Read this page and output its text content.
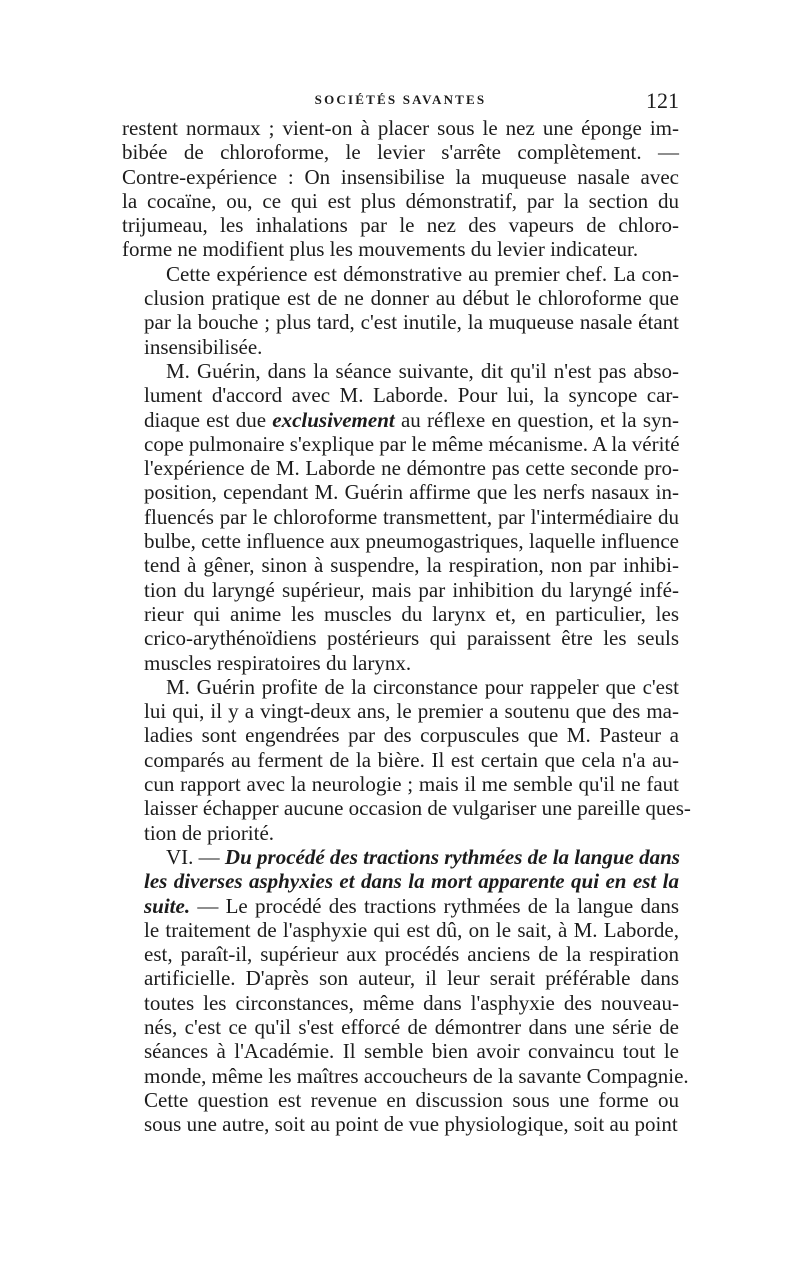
SOCIÉTÉS SAVANTES	121

restent normaux ; vient-on à placer sous le nez une éponge im-
bibée de chloroforme, le levier s'arrête complètement. —
Contre-expérience : On insensibilise la muqueuse nasale avec
la cocaïne, ou, ce qui est plus démonstratif, par la section du
trijumeau, les inhalations par le nez des vapeurs de chloro-
forme ne modifient plus les mouvements du levier indicateur.

Cette expérience est démonstrative au premier chef. La con-
clusion pratique est de ne donner au début le chloroforme que
par la bouche ; plus tard, c'est inutile, la muqueuse nasale étant
insensibilisée.

M. Guérin, dans la séance suivante, dit qu'il n'est pas abso-
lument d'accord avec M. Laborde. Pour lui, la syncope car-
diaque est due exclusivement au réflexe en question, et la syn-
cope pulmonaire s'explique par le même mécanisme. A la vérité
l'expérience de M. Laborde ne démontre pas cette seconde pro-
position, cependant M. Guérin affirme que les nerfs nasaux in-
fluencés par le chloroforme transmettent, par l'intermédiaire du
bulbe, cette influence aux pneumogastriques, laquelle influence
tend à gêner, sinon à suspendre, la respiration, non par inhibi-
tion du laryngé supérieur, mais par inhibition du laryngé infé-
rieur qui anime les muscles du larynx et, en particulier, les
crico-arythénoïdiens postérieurs qui paraissent être les seuls
muscles respiratoires du larynx.

M. Guérin profite de la circonstance pour rappeler que c'est
lui qui, il y a vingt-deux ans, le premier a soutenu que des ma-
ladies sont engendrées par des corpuscules que M. Pasteur a
comparés au ferment de la bière. Il est certain que cela n'a au-
cun rapport avec la neurologie ; mais il me semble qu'il ne faut
laisser échapper aucune occasion de vulgariser une pareille ques-
tion de priorité.

VI. — Du procédé des tractions rythmées de la langue dans
les diverses asphyxies et dans la mort apparente qui en est la
suite. — Le procédé des tractions rythmées de la langue dans
le traitement de l'asphyxie qui est dû, on le sait, à M. Laborde,
est, paraît-il, supérieur aux procédés anciens de la respiration
artificielle. D'après son auteur, il leur serait préférable dans
toutes les circonstances, même dans l'asphyxie des nouveau-
nés, c'est ce qu'il s'est efforcé de démontrer dans une série de
séances à l'Académie. Il semble bien avoir convaincu tout le
monde, même les maîtres accoucheurs de la savante Compagnie.
Cette question est revenue en discussion sous une forme ou
sous une autre, soit au point de vue physiologique, soit au point
